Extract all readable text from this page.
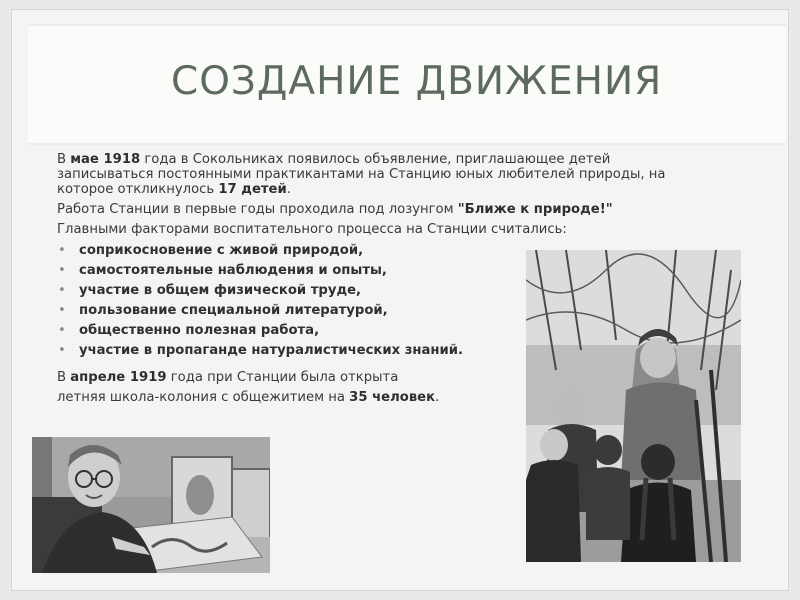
СОЗДАНИЕ ДВИЖЕНИЯ

В мае 1918 года в Сокольниках появилось объявление, приглашающее детей записываться постоянными практикантами на Станцию юных любителей природы, на которое откликнулось 17 детей.

Работа Станции в первые годы проходила под лозунгом "Ближе к природе!"

Главными факторами воспитательного процесса на Станции считались:

• соприкосновение с живой природой,
• самостоятельные наблюдения и опыты,
• участие в общем физической труде,
• пользование специальной литературой,
• общественно полезная работа,
• участие в пропаганде натуралистических знаний.

В апреле 1919 года при Станции была открыта

летняя школа-колония с общежитием на 35 человек.
